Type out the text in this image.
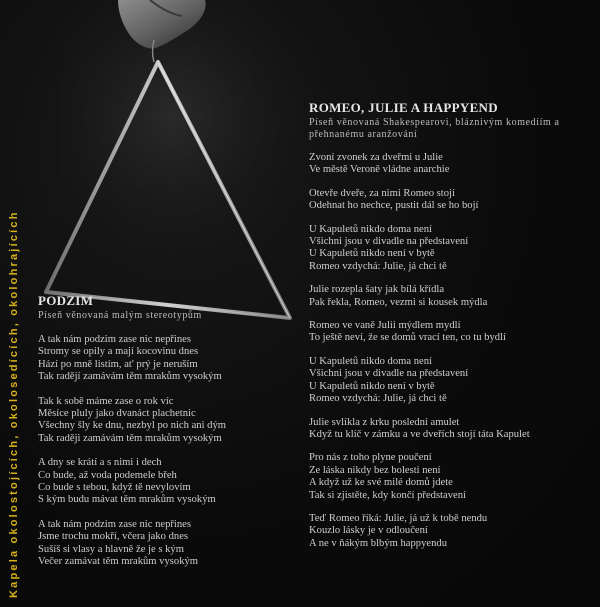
Kapela okolostojících, okolosedících, okolohrajících PODZIM
Píseň věnovaná malým stereotypům
A tak nám podzim zase nic nepřines
Stromy se opily a mají kocovinu dnes
Hází po mně listím, at' prý je neruším
Tak radějí zamávám těm mrakům vysokým
Tak k sobě máme zase o rok víc
Měsíce pluly jako dvanáct plachetnic
Všechny šly ke dnu, nezbyl po nich ani dým
Tak raději zamávám těm mrakům vysokým
A dny se krátí a s nimi i dech
Co bude, až voda podemele břeh
Co bude s tebou, když tě nevylovím
S kým budu mávat těm mrakům vysokým
A tak nám podzim zase nic nepřines
Jsme trochu mokří, včera jako dnes
Sušíš si vlasy a hlavně že je s kým
Večer zamávat těm mrakům vysokým
ROMEO, JULIE A HAPPYEND
Píseň věnovaná Shakespearovi, bláznivým komediím a přehnanému aranžování
Zvoní zvonek za dveřmi u Julie
Ve městě Veroně vládne anarchie
Otevře dveře, za nimi Romeo stojí
Odehnat ho nechce, pustit dál se ho bojí
U Kapuletů nikdo doma není
Všichni jsou v divadle na představení
U Kapuletů nikdo není v bytě
Romeo vzdychá: Julie, já chci tě
Julie rozepla šaty jak bílá křídla
Pak řekla, Romeo, vezmi si kousek mýdla
Romeo ve vaně Julii mýdlem mydlí
To ještě neví, že se domů vrací ten, co tu bydlí
U Kapuletů nikdo doma není
Všichni jsou v divadle na představení
U Kapuletů nikdo není v bytě
Romeo vzdychá: Julie, já chci tě
Julie svlíkla z krku poslední amulet
Když tu klíč v zámku a ve dveřích stojí táta Kapulet
Pro nás z toho plyne poučení
Ze láska nikdy bez bolesti není
A když už ke své milé domů jdete
Tak si zjistěte, kdy končí představení
Teď Romeo říká: Julie, já už k tobě nendu
Kouzlo lásky je v odloučení
A ne v ňákým blbým happyendu
